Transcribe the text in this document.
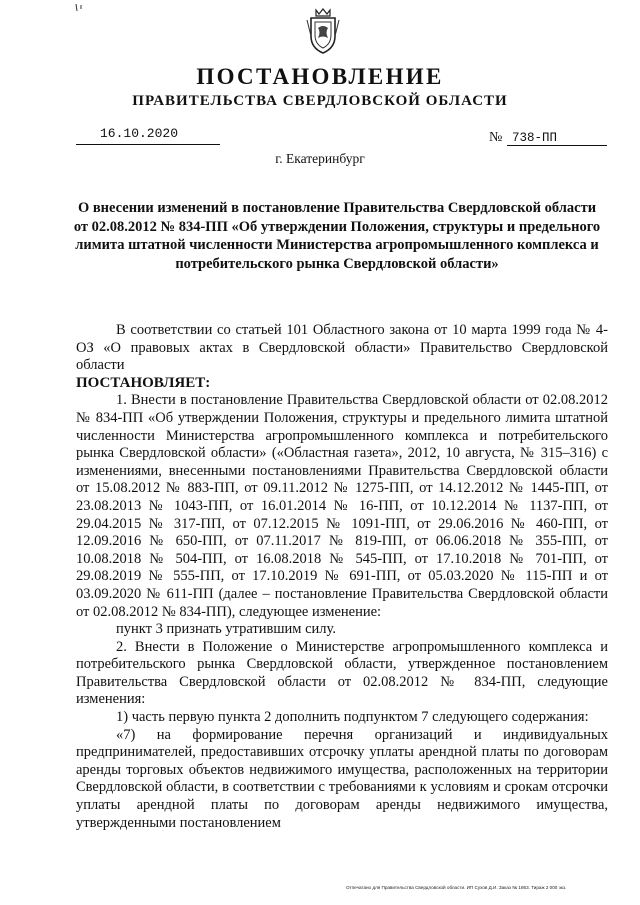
ПОСТАНОВЛЕНИЕ
ПРАВИТЕЛЬСТВА СВЕРДЛОВСКОЙ ОБЛАСТИ
16.10.2020	№ 738-ПП
г. Екатеринбург
О внесении изменений в постановление Правительства Свердловской области от 02.08.2012 № 834-ПП «Об утверждении Положения, структуры и предельного лимита штатной численности Министерства агропромышленного комплекса и потребительского рынка Свердловской области»

В соответствии со статьей 101 Областного закона от 10 марта 1999 года № 4-ОЗ «О правовых актах в Свердловской области» Правительство Свердловской области

ПОСТАНОВЛЯЕТ:

1. Внести в постановление Правительства Свердловской области от 02.08.2012 № 834-ПП «Об утверждении Положения, структуры и предельного лимита штатной численности Министерства агропромышленного комплекса и потребительского рынка Свердловской области» («Областная газета», 2012, 10 августа, № 315–316) с изменениями, внесенными постановлениями Правительства Свердловской области от 15.08.2012 № 883-ПП, от 09.11.2012 № 1275-ПП, от 14.12.2012 № 1445-ПП, от 23.08.2013 № 1043-ПП, от 16.01.2014 № 16-ПП, от 10.12.2014 № 1137-ПП, от 29.04.2015 № 317-ПП, от 07.12.2015 № 1091-ПП, от 29.06.2016 № 460-ПП, от 12.09.2016 № 650-ПП, от 07.11.2017 № 819-ПП, от 06.06.2018 № 355-ПП, от 10.08.2018 № 504-ПП, от 16.08.2018 № 545-ПП, от 17.10.2018 № 701-ПП, от 29.08.2019 № 555-ПП, от 17.10.2019 № 691-ПП, от 05.03.2020 № 115-ПП и от 03.09.2020 № 611-ПП (далее – постановление Правительства Свердловской области от 02.08.2012 № 834-ПП), следующее изменение:

пункт 3 признать утратившим силу.

2. Внести в Положение о Министерстве агропромышленного комплекса и потребительского рынка Свердловской области, утвержденное постановлением Правительства Свердловской области от 02.08.2012 № 834-ПП, следующие изменения:

1) часть первую пункта 2 дополнить подпунктом 7 следующего содержания:

«7) на формирование перечня организаций и индивидуальных предпринимателей, предоставивших отсрочку уплаты арендной платы по договорам аренды торговых объектов недвижимого имущества, расположенных на территории Свердловской области, в соответствии с требованиями к условиям и срокам отсрочки уплаты арендной платы по договорам аренды недвижимого имущества, утвержденными постановлением

Отпечатано для Правительства Свердловской области. ИП Сухов Д.И. Заказ № 1863. Тираж 2 000 экз.
